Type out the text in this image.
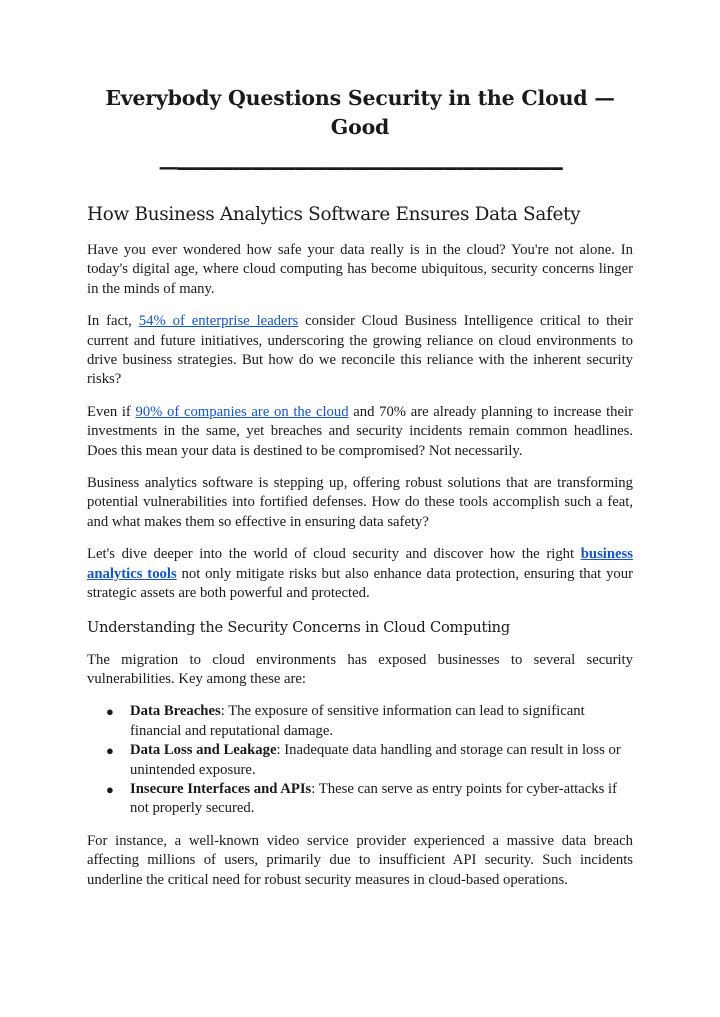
Everybody Questions Security in the Cloud — Good
—--------------------------------------------------------------
How Business Analytics Software Ensures Data Safety

Have you ever wondered how safe your data really is in the cloud? You're not alone. In today's digital age, where cloud computing has become ubiquitous, security concerns linger in the minds of many.

In fact, 54% of enterprise leaders consider Cloud Business Intelligence critical to their current and future initiatives, underscoring the growing reliance on cloud environments to drive business strategies. But how do we reconcile this reliance with the inherent security risks?

Even if 90% of companies are on the cloud and 70% are already planning to increase their investments in the same, yet breaches and security incidents remain common headlines. Does this mean your data is destined to be compromised? Not necessarily.

Business analytics software is stepping up, offering robust solutions that are transforming potential vulnerabilities into fortified defenses. How do these tools accomplish such a feat, and what makes them so effective in ensuring data safety?

Let's dive deeper into the world of cloud security and discover how the right business analytics tools not only mitigate risks but also enhance data protection, ensuring that your strategic assets are both powerful and protected.

Understanding the Security Concerns in Cloud Computing

The migration to cloud environments has exposed businesses to several security vulnerabilities. Key among these are:

● Data Breaches: The exposure of sensitive information can lead to significant financial and reputational damage.
● Data Loss and Leakage: Inadequate data handling and storage can result in loss or unintended exposure.
● Insecure Interfaces and APIs: These can serve as entry points for cyber-attacks if not properly secured.

For instance, a well-known video service provider experienced a massive data breach affecting millions of users, primarily due to insufficient API security. Such incidents underline the critical need for robust security measures in cloud-based operations.
